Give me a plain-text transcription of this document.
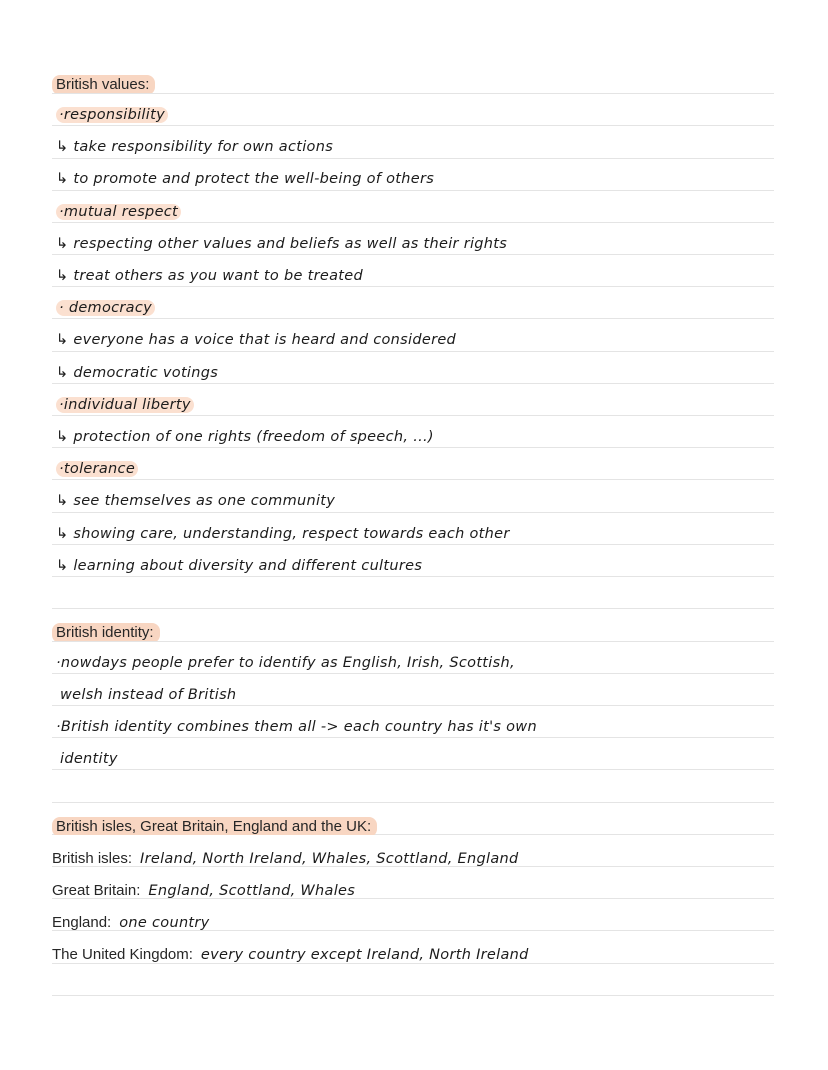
British values:
·responsibility
↳ take responsibility for own actions
↳ to promote and protect the well-being of others
·mutual respect
↳ respecting other values and beliefs as well as their rights
↳ treat others as you want to be treated
· democracy
↳ everyone has a voice that is heard and considered
↳ democratic votings
·individual liberty
↳ protection of one rights (freedom of speech, ...)
·tolerance
↳ see themselves as one community
↳ showing care, understanding, respect towards each other
↳ learning about diversity and different cultures
British identity:
·nowdays people prefer to identify as English, Irish, Scottish,
welsh instead of British
·British identity combines them all -> each country has it's own
identity
British isles, Great Britain, England and the UK:
British isles: Ireland, North Ireland, Whales, Scottland, England
Great Britain: England, Scottland, Whales
England: one country
The United Kingdom: every country except Ireland, North Ireland
